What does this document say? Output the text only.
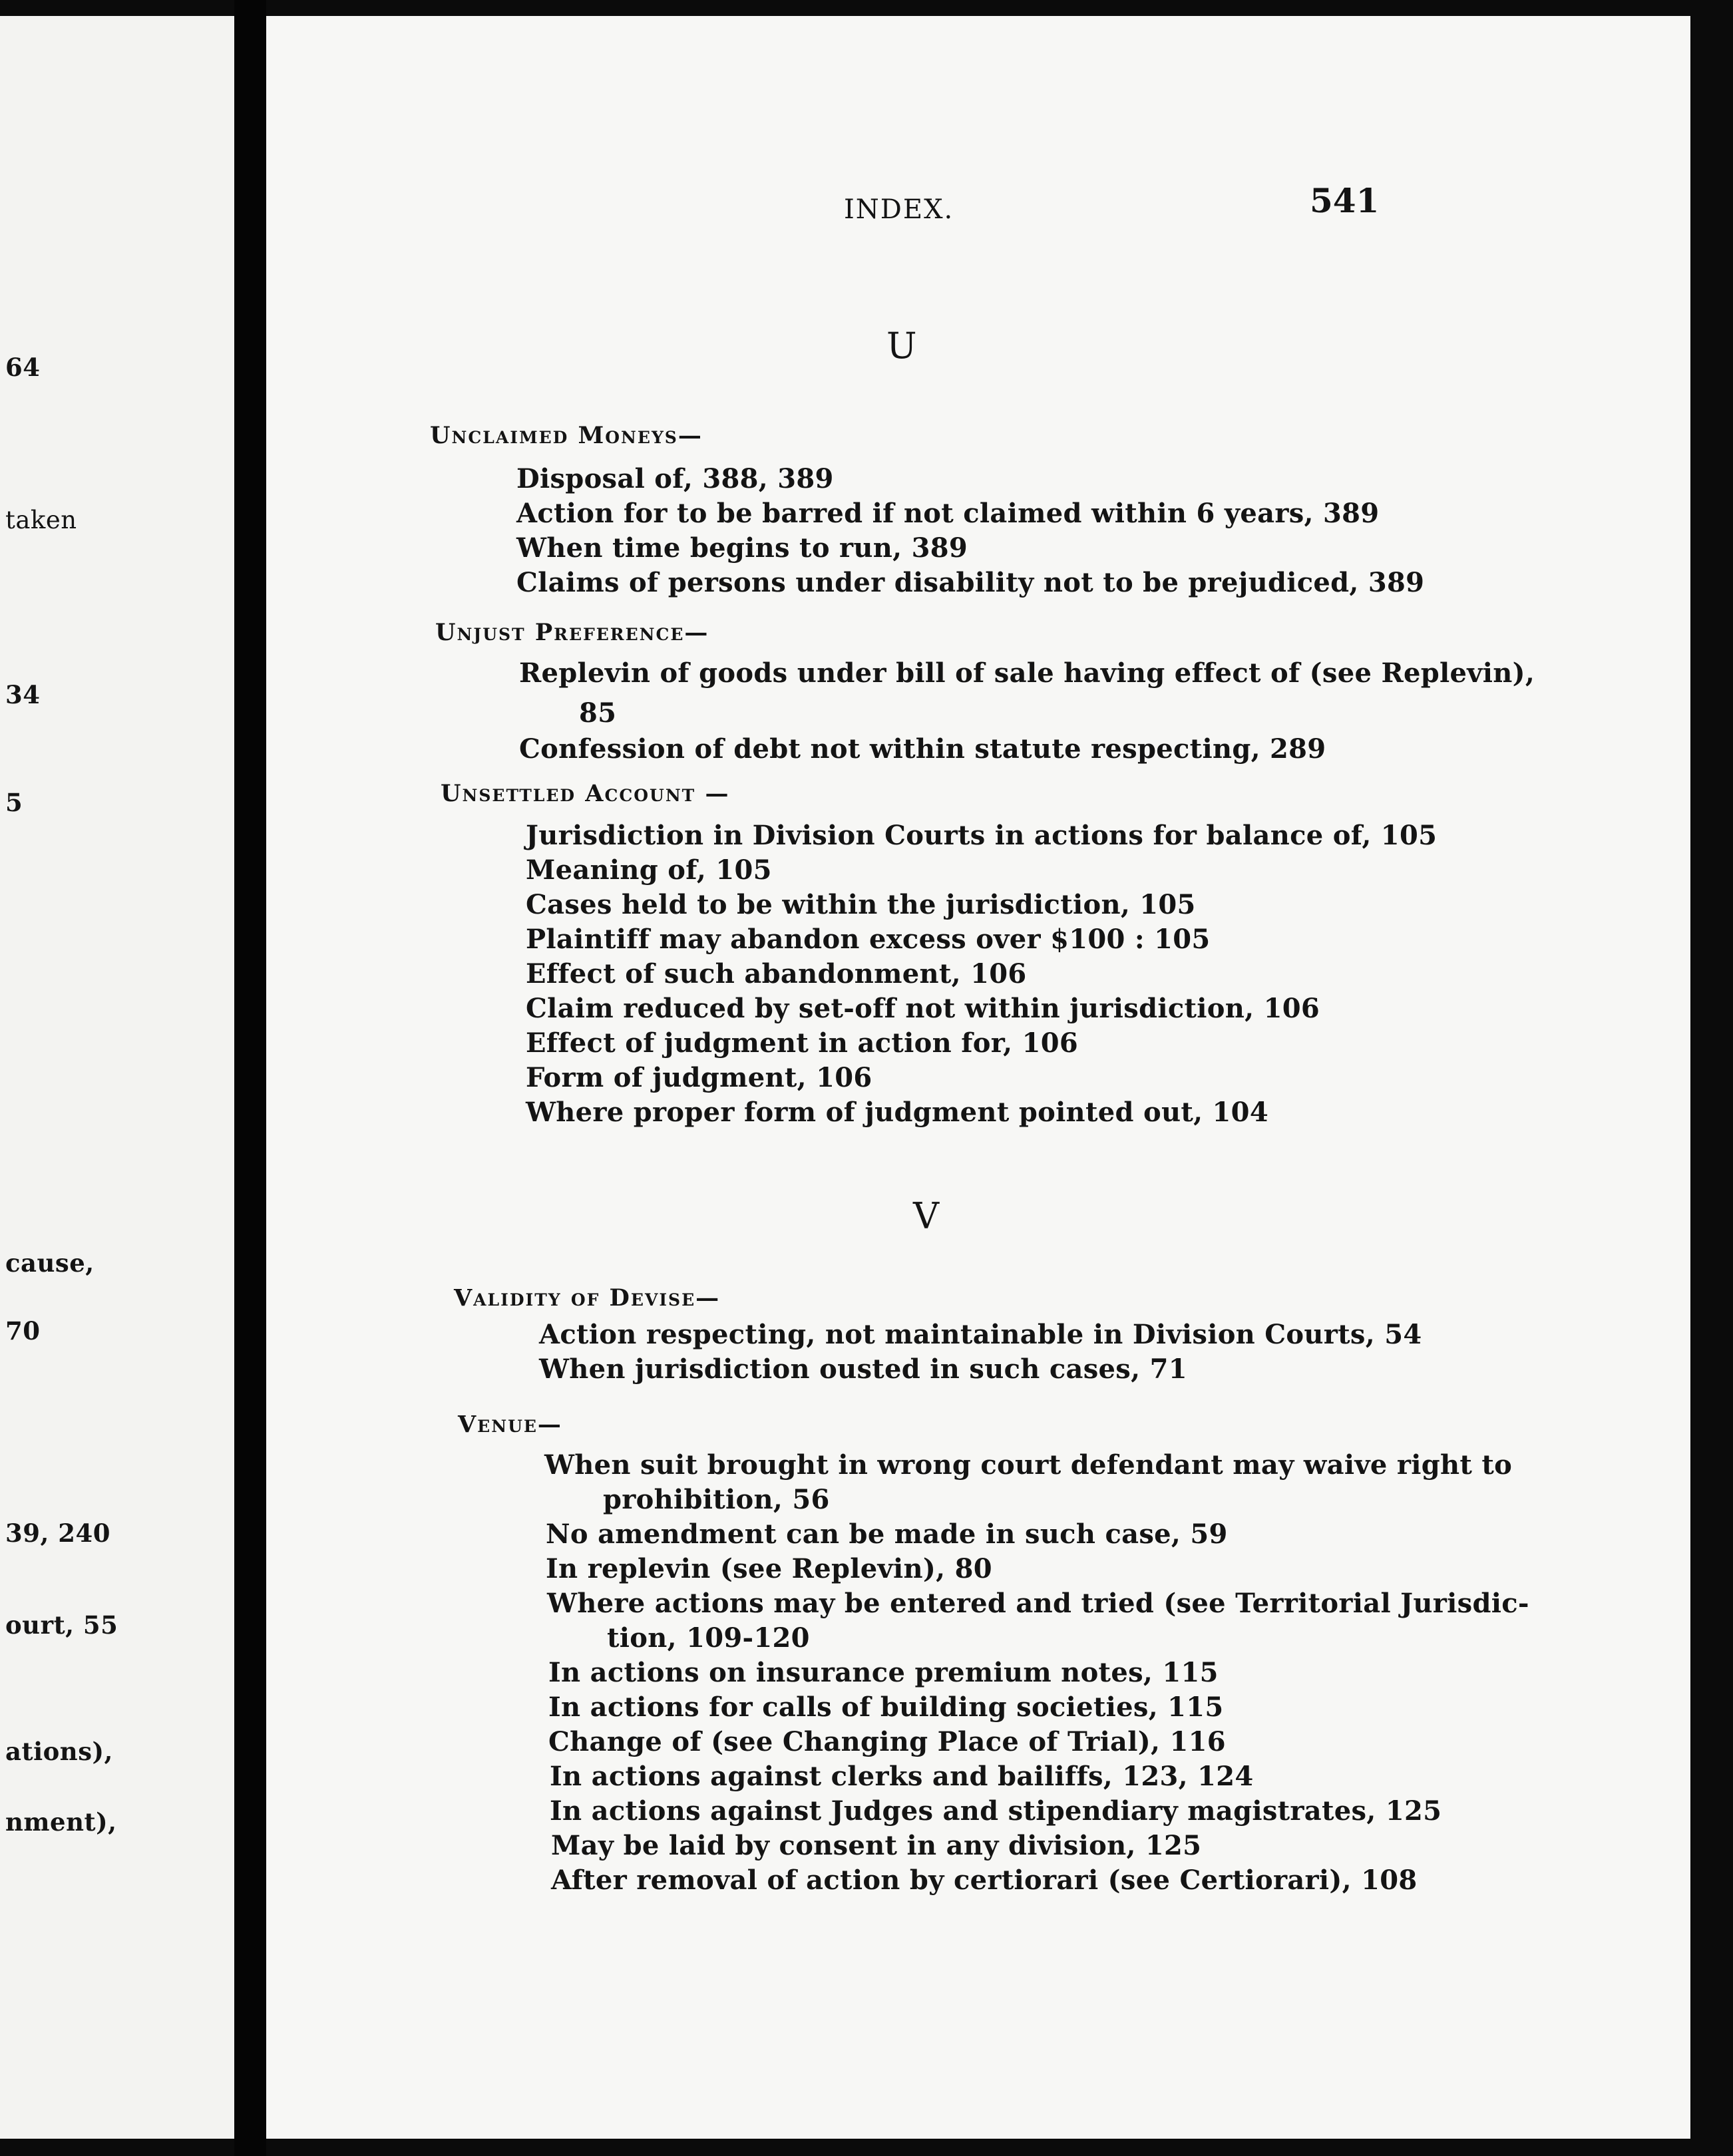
64
taken
34
5
cause,
70
39, 240
ourt, 55
ations),
nment),
INDEX.	541
U
Unclaimed Moneys—
Disposal of, 388, 389
Action for to be barred if not claimed within 6 years, 389
When time begins to run, 389
Claims of persons under disability not to be prejudiced, 389
Unjust Preference—
Replevin of goods under bill of sale having effect of (see Replevin),
85
Confession of debt not within statute respecting, 289
Unsettled Account —
Jurisdiction in Division Courts in actions for balance of, 105
Meaning of, 105
Cases held to be within the jurisdiction, 105
Plaintiff may abandon excess over $100 : 105
Effect of such abandonment, 106
Claim reduced by set-off not within jurisdiction, 106
Effect of judgment in action for, 106
Form of judgment, 106
Where proper form of judgment pointed out, 104
V
Validity of Devise—
Action respecting, not maintainable in Division Courts, 54
When jurisdiction ousted in such cases, 71
Venue—
When suit brought in wrong court defendant may waive right to
prohibition, 56
No amendment can be made in such case, 59
In replevin (see Replevin), 80
Where actions may be entered and tried (see Territorial Jurisdic-
tion, 109-120
In actions on insurance premium notes, 115
In actions for calls of building societies, 115
Change of (see Changing Place of Trial), 116
In actions against clerks and bailiffs, 123, 124
In actions against Judges and stipendiary magistrates, 125
May be laid by consent in any division, 125
After removal of action by certiorari (see Certiorari), 108
